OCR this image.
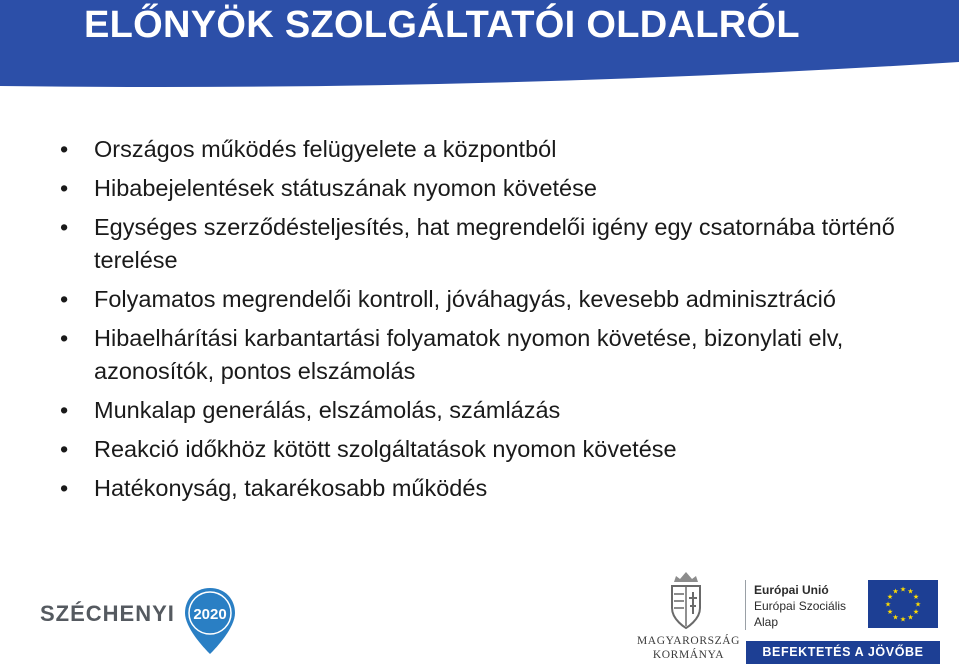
ELŐNYÖK SZOLGÁLTATÓI OLDALRÓL
• Országos működés felügyelete a központból
• Hibabejelentések státuszának nyomon követése
• Egységes szerződésteljesítés, hat megrendelői igény egy csatornába történő terelése
• Folyamatos megrendelői kontroll, jóváhagyás, kevesebb adminisztráció
• Hibaelhárítási karbantartási folyamatok nyomon követése, bizonylati elv, azonosítók, pontos elszámolás
• Munkalap generálás, elszámolás, számlázás
• Reakció időkhöz kötött szolgáltatások nyomon követése
• Hatékonyság, takarékosabb működés
SZÉCHENYI	2020
MAGYARORSZÁG
KORMÁNYA
Európai Unió
Európai Szociális
Alap
★ ★
★
★
★
★
★
★
★
★
★
★
BEFEKTETÉS A JÖVŐBE
